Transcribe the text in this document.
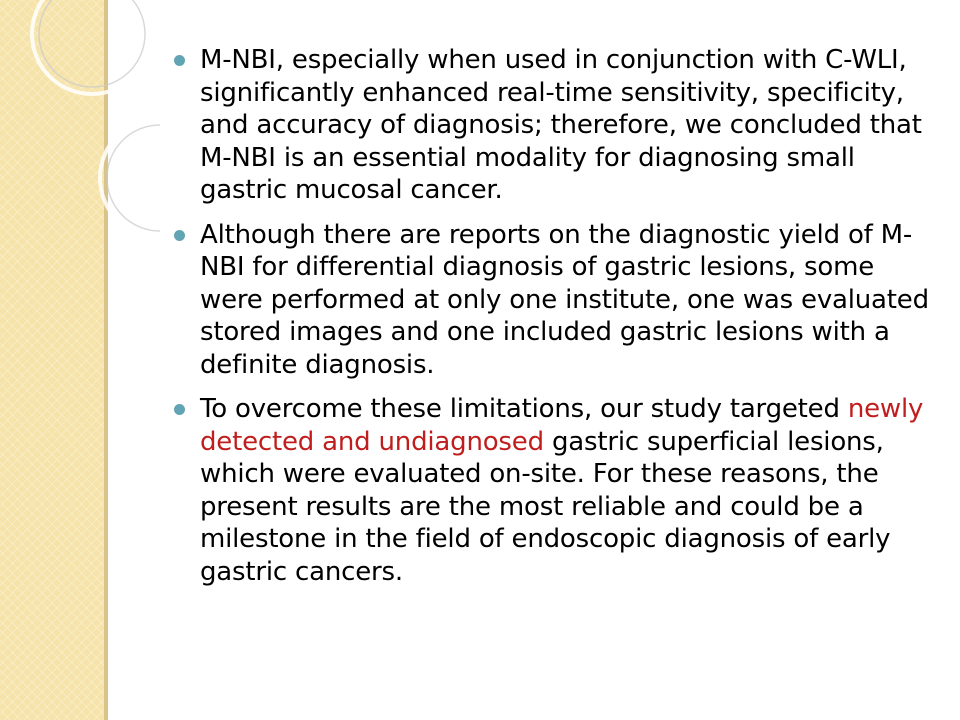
M-NBI, especially when used in conjunction with C-WLI, significantly enhanced real-time sensitivity, specificity, and accuracy of diagnosis; therefore, we concluded that M-NBI is an essential modality for diagnosing small gastric mucosal cancer.
Although there are reports on the diagnostic yield of M-NBI for differential diagnosis of gastric lesions, some were performed at only one institute, one was evaluated stored images and one included gastric lesions with a definite diagnosis.
To overcome these limitations, our study targeted newly detected and undiagnosed gastric superficial lesions, which were evaluated on-site. For these reasons, the present results are the most reliable and could be a milestone in the field of endoscopic diagnosis of early gastric cancers.
